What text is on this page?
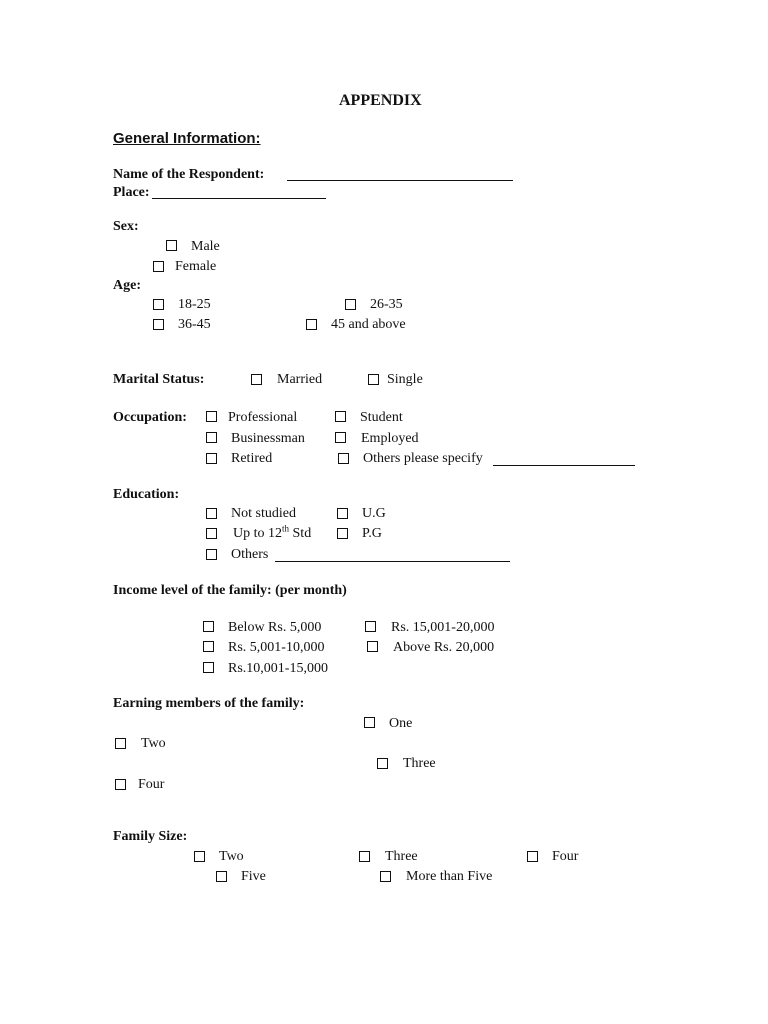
APPENDIX
General Information:
Name of the Respondent:
Place:
Sex:
Male
Female
Age:
18-25	26-35
36-45	45 and above
Marital Status:	Married	Single
Occupation:	Professional	Student
Businessman	Employed
Retired	Others please specify
Education:
Not studied	U.G
Up to 12th Std	P.G
Others
Income level of the family: (per month)
Below Rs. 5,000	Rs. 15,001-20,000
Rs. 5,001-10,000	Above Rs. 20,000
Rs.10,001-15,000
Earning members of the family:
One
Two
Three
Four
Family Size:
Two	Three	Four
Five	More than Five
